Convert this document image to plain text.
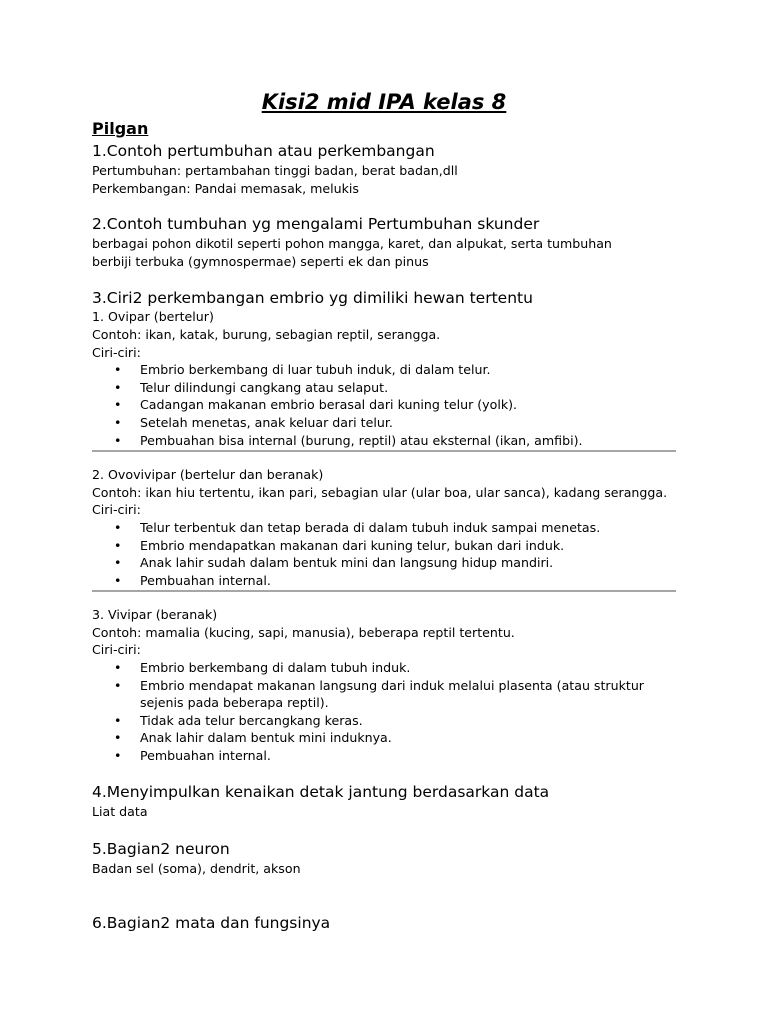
Kisi2 mid IPA kelas 8
Pilgan
1.Contoh pertumbuhan atau perkembangan
Pertumbuhan: pertambahan tinggi badan, berat badan,dll
Perkembangan: Pandai memasak, melukis
2.Contoh tumbuhan yg mengalami Pertumbuhan skunder
berbagai pohon dikotil seperti pohon mangga, karet, dan alpukat, serta tumbuhan berbiji terbuka (gymnospermae) seperti ek dan pinus
3.Ciri2 perkembangan embrio yg dimiliki hewan tertentu
1. Ovipar (bertelur)
Contoh: ikan, katak, burung, sebagian reptil, serangga.
Ciri-ciri:
• Embrio berkembang di luar tubuh induk, di dalam telur.
• Telur dilindungi cangkang atau selaput.
• Cadangan makanan embrio berasal dari kuning telur (yolk).
• Setelah menetas, anak keluar dari telur.
• Pembuahan bisa internal (burung, reptil) atau eksternal (ikan, amfibi).
2. Ovovivipar (bertelur dan beranak)
Contoh: ikan hiu tertentu, ikan pari, sebagian ular (ular boa, ular sanca), kadang serangga.
Ciri-ciri:
• Telur terbentuk dan tetap berada di dalam tubuh induk sampai menetas.
• Embrio mendapatkan makanan dari kuning telur, bukan dari induk.
• Anak lahir sudah dalam bentuk mini dan langsung hidup mandiri.
• Pembuahan internal.
3. Vivipar (beranak)
Contoh: mamalia (kucing, sapi, manusia), beberapa reptil tertentu.
Ciri-ciri:
• Embrio berkembang di dalam tubuh induk.
• Embrio mendapat makanan langsung dari induk melalui plasenta (atau struktur sejenis pada beberapa reptil).
• Tidak ada telur bercangkang keras.
• Anak lahir dalam bentuk mini induknya.
• Pembuahan internal.
4.Menyimpulkan kenaikan detak jantung berdasarkan data
Liat data
5.Bagian2 neuron
Badan sel (soma), dendrit, akson
6.Bagian2 mata dan fungsinya
